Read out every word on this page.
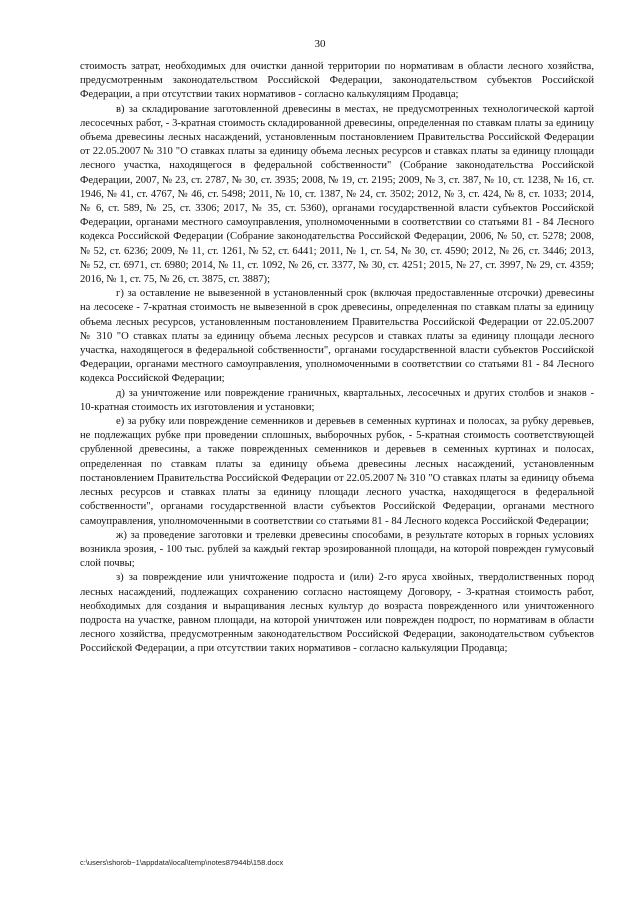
30

стоимость затрат, необходимых для очистки данной территории по нормативам в области лесного хозяйства, предусмотренным законодательством Российской Федерации, законодательством субъектов Российской Федерации, а при отсутствии таких нормативов - согласно калькуляциям Продавца;

в) за складирование заготовленной древесины в местах, не предусмотренных технологической картой лесосечных работ, - 3-кратная стоимость складированной древесины, определенная по ставкам платы за единицу объема древесины лесных насаждений, установленным постановлением Правительства Российской Федерации от 22.05.2007 № 310 "О ставках платы за единицу объема лесных ресурсов и ставках платы за единицу площади лесного участка, находящегося в федеральной собственности" (Собрание законодательства Российской Федерации, 2007, № 23, ст. 2787, № 30, ст. 3935; 2008, № 19, ст. 2195; 2009, № 3, ст. 387, № 10, ст. 1238, № 16, ст. 1946, № 41, ст. 4767, № 46, ст. 5498; 2011, № 10, ст. 1387, № 24, ст. 3502; 2012, № 3, ст. 424, № 8, ст. 1033; 2014, № 6, ст. 589, № 25, ст. 3306; 2017, № 35, ст. 5360), органами государственной власти субъектов Российской Федерации, органами местного самоуправления, уполномоченными в соответствии со статьями 81 - 84 Лесного кодекса Российской Федерации (Собрание законодательства Российской Федерации, 2006, № 50, ст. 5278; 2008, № 52, ст. 6236; 2009, № 11, ст. 1261, № 52, ст. 6441; 2011, № 1, ст. 54, № 30, ст. 4590; 2012, № 26, ст. 3446; 2013, № 52, ст. 6971, ст. 6980; 2014, № 11, ст. 1092, № 26, ст. 3377, № 30, ст. 4251; 2015, № 27, ст. 3997, № 29, ст. 4359; 2016, № 1, ст. 75, № 26, ст. 3875, ст. 3887);

г) за оставление не вывезенной в установленный срок (включая предоставленные отсрочки) древесины на лесосеке - 7-кратная стоимость не вывезенной в срок древесины, определенная по ставкам платы за единицу объема лесных ресурсов, установленным постановлением Правительства Российской Федерации от 22.05.2007 № 310 "О ставках платы за единицу объема лесных ресурсов и ставках платы за единицу площади лесного участка, находящегося в федеральной собственности", органами государственной власти субъектов Российской Федерации, органами местного самоуправления, уполномоченными в соответствии со статьями 81 - 84 Лесного кодекса Российской Федерации;

д) за уничтожение или повреждение граничных, квартальных, лесосечных и других столбов и знаков - 10-кратная стоимость их изготовления и установки;

е) за рубку или повреждение семенников и деревьев в семенных куртинах и полосах, за рубку деревьев, не подлежащих рубке при проведении сплошных, выборочных рубок, - 5-кратная стоимость соответствующей срубленной древесины, а также поврежденных семенников и деревьев в семенных куртинах и полосах, определенная по ставкам платы за единицу объема древесины лесных насаждений, установленным постановлением Правительства Российской Федерации от 22.05.2007 № 310 "О ставках платы за единицу объема лесных ресурсов и ставках платы за единицу площади лесного участка, находящегося в федеральной собственности", органами государственной власти субъектов Российской Федерации, органами местного самоуправления, уполномоченными в соответствии со статьями 81 - 84 Лесного кодекса Российской Федерации;

ж) за проведение заготовки и трелевки древесины способами, в результате которых в горных условиях возникла эрозия, - 100 тыс. рублей за каждый гектар эрозированной площади, на которой поврежден гумусовый слой почвы;

з) за повреждение или уничтожение подроста и (или) 2-го яруса хвойных, твердолиственных пород лесных насаждений, подлежащих сохранению согласно настоящему Договору, - 3-кратная стоимость работ, необходимых для создания и выращивания лесных культур до возраста поврежденного или уничтоженного подроста на участке, равном площади, на которой уничтожен или поврежден подрост, по нормативам в области лесного хозяйства, предусмотренным законодательством Российской Федерации, законодательством субъектов Российской Федерации, а при отсутствии таких нормативов - согласно калькуляции Продавца;

c:\users\shorob~1\appdata\local\temp\notes87944b\158.docx
